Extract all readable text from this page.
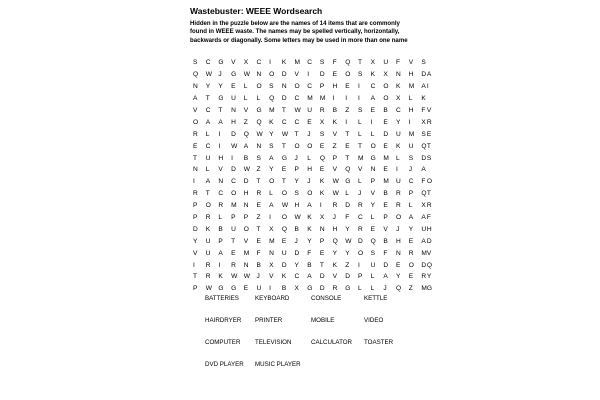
Wastebuster: WEEE Wordsearch
Hidden in the puzzle below are the names of 14 items that are commonly found in WEEE waste. The names may be spelled vertically, horizontally, backwards or diagonally. Some letters may be used in more than one name
S	C	G	V	X	C	I	K	M	C	S	F	Q	T	X	U	F	V	S
Q	W J	G	W N	O	D	V	I	D	E	O	S	K	X	N	H	D A
N	Y	Y	E	L	O	S	N	O	C	P	H	E	I	C	O	K	M	A I
A	T	G	U	L	L	Q	D	C	M	M	I	I	I	A	O	X	L	K
V	C	T	N	V	G	M	T	W U	R	B	Z	S	E	B	C	H	F V
O	A	A	H	Z	Q	K	C	C	E	X	K	I	L	I	E	Y	I	X R
R	L	I	D	Q	W Y	W T	J	S	V	T	L	L	D	U	M	S E
E	C	I	W A	N	S	T	O	O	E	Z	E	T	O	E	K	U	Q T
T	U	H	I	B	S	A	G	J	L	Q	P	T	M	G	M	L	S	D S
N	L	V	D	W Z	Y	E	P	H	E	V	Q	V	N	E	I	J	A
I	A	N	C	D	T	O	T	Y	J	K	W G	L	P	M	U	C	F O
R	T	C	O	H	R	L	O	S	O	K	W L	J	V	B	R	P	Q T
P	O	R	M	N	E	A	W H	A	I	R	D	R	Y	E	R	L	X R
P	R	L	P	P	Z	I	O	W K	X	J	F	C	L	P	O	A	A F
D	K	B	U	O	T	X	Q	B	K	N	H	Y	R	E	V	J	Y	U H
Y	U	P	T	V	E	M	E	J	Y	P	Q	W D	Q	B	H	E	A D
V	U	A	E	M	F	N	U	D	F	E	Y	Y	O	S	F	N	R	M V
I	R	I	R	N	B	X	D	Y	B	T	K	Z	I	U	D	E	O	D Q
T	R	K	W W J	V	K	C	A	D	V	D	P	L	A	Y	E	R Y
P	W G	G	E	U	I	B	X	G	D	R	G	L	L	J	Q	Z	M G
BATTERIES	KEYBOARD	CONSOLE	KETTLE
HAIRDRYER	PRINTER	MOBILE	VIDEO
COMPUTER	TELEVISION	CALCULATOR	TOASTER
DVD PLAYER	MUSIC PLAYER
